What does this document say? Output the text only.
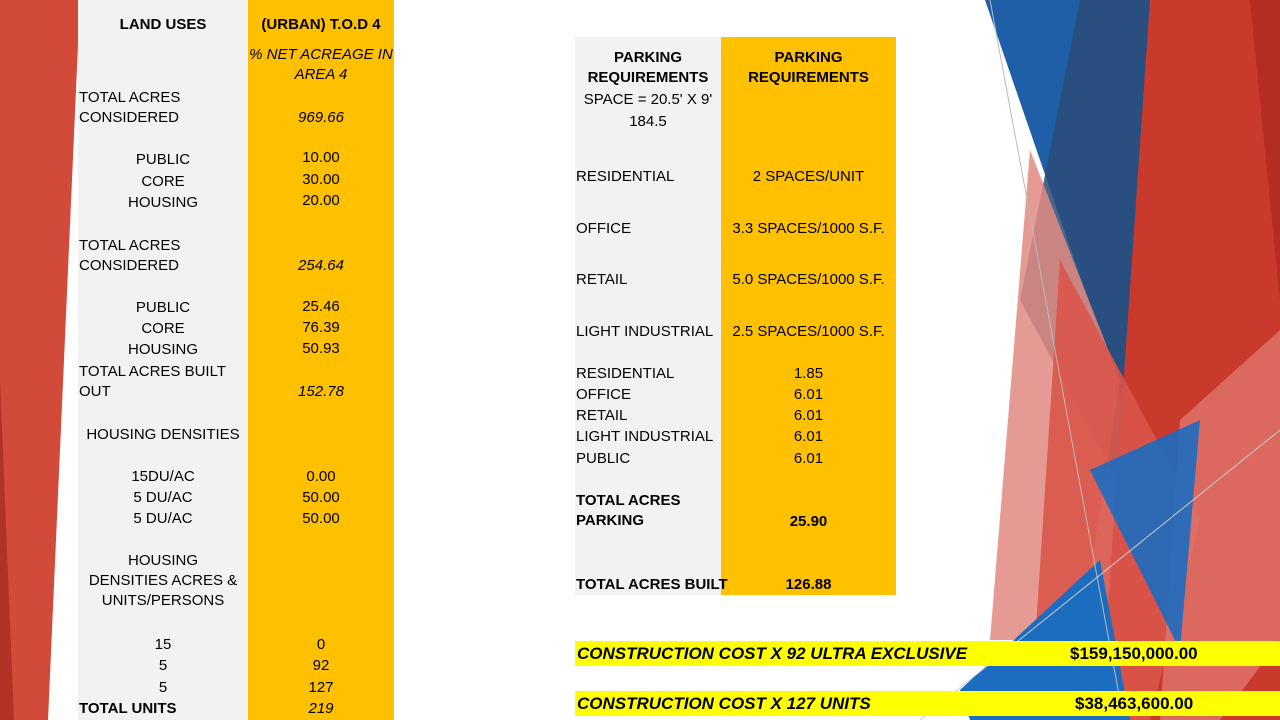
LAND USES	(URBAN) T.O.D 4
% NET ACREAGE IN AREA 4
TOTAL ACRES CONSIDERED	969.66
PUBLIC	10.00
CORE	30.00
HOUSING	20.00
TOTAL ACRES CONSIDERED	254.64
PUBLIC	25.46
CORE	76.39
HOUSING	50.93
TOTAL ACRES BUILT OUT	152.78
HOUSING DENSITIES
15DU/AC	0.00
5 DU/AC	50.00
5 DU/AC	50.00
HOUSING DENSITIES ACRES & UNITS/PERSONS
15	0
5	92
5	127
TOTAL UNITS	219
PARKING REQUIREMENTS
PARKING REQUIREMENTS
SPACE = 20.5' X 9'
184.5
RESIDENTIAL	2 SPACES/UNIT
OFFICE	3.3 SPACES/1000 S.F.
RETAIL	5.0 SPACES/1000 S.F.
LIGHT INDUSTRIAL	2.5 SPACES/1000 S.F.
RESIDENTIAL	1.85
OFFICE	6.01
RETAIL	6.01
LIGHT INDUSTRIAL	6.01
PUBLIC	6.01
TOTAL ACRES PARKING	25.90
TOTAL ACRES BUILT	126.88
CONSTRUCTION COST X 92 ULTRA EXCLUSIVE	$159,150,000.00
CONSTRUCTION COST X 127 UNITS	$38,463,600.00
